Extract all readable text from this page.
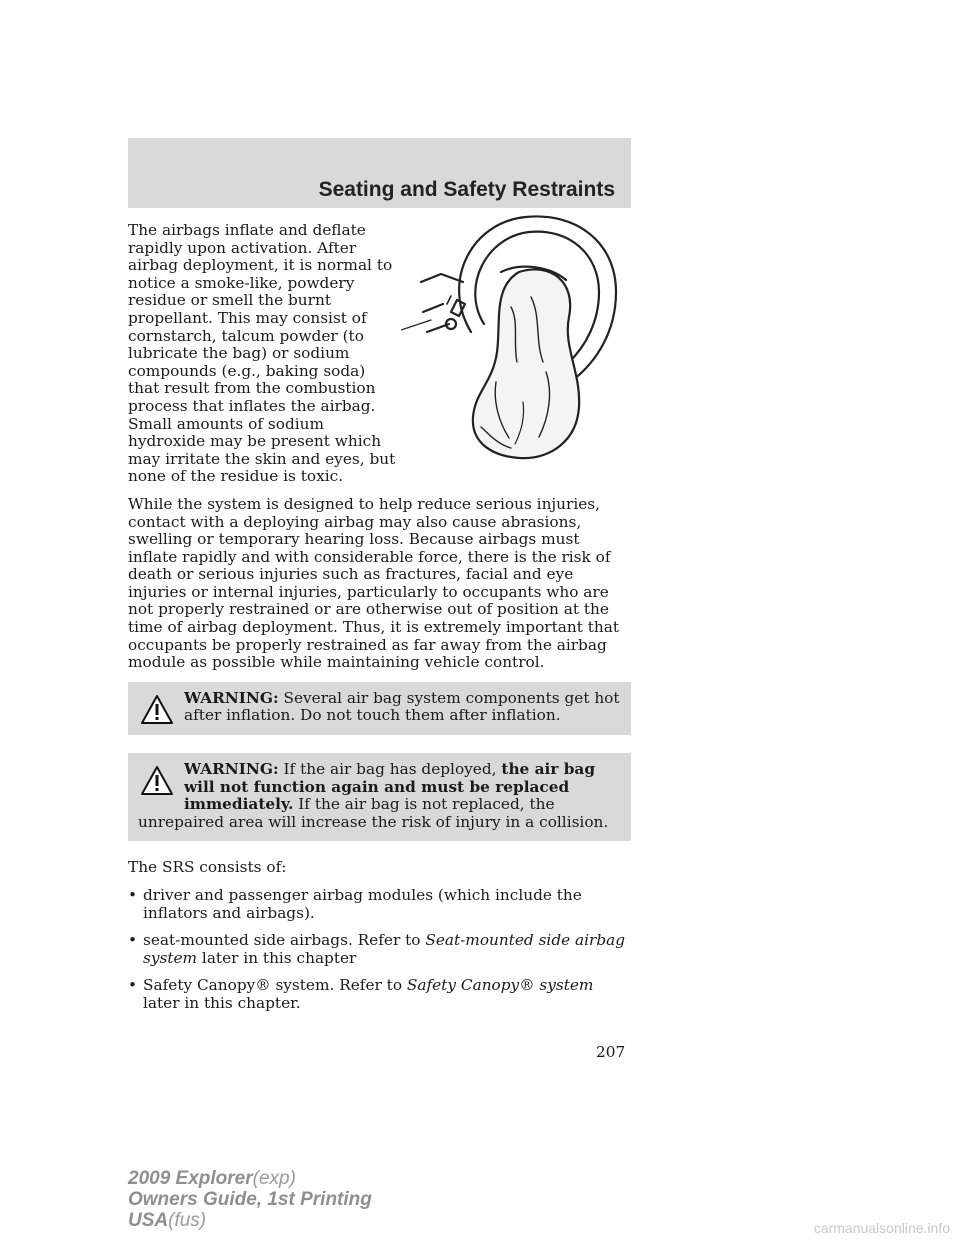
Seating and Safety Restraints

The airbags inflate and deflate rapidly upon activation. After airbag deployment, it is normal to notice a smoke-like, powdery residue or smell the burnt propellant. This may consist of cornstarch, talcum powder (to lubricate the bag) or sodium compounds (e.g., baking soda) that result from the combustion process that inflates the airbag. Small amounts of sodium hydroxide may be present which may irritate the skin and eyes, but none of the residue is toxic.

While the system is designed to help reduce serious injuries, contact with a deploying airbag may also cause abrasions, swelling or temporary hearing loss. Because airbags must inflate rapidly and with considerable force, there is the risk of death or serious injuries such as fractures, facial and eye injuries or internal injuries, particularly to occupants who are not properly restrained or are otherwise out of position at the time of airbag deployment. Thus, it is extremely important that occupants be properly restrained as far away from the airbag module as possible while maintaining vehicle control.

WARNING: Several air bag system components get hot after inflation. Do not touch them after inflation.
WARNING: If the air bag has deployed, the air bag will not function again and must be replaced immediately. If the air bag is not replaced, the unrepaired area will increase the risk of injury in a collision.

The SRS consists of:

• driver and passenger airbag modules (which include the inflators and airbags).
• seat-mounted side airbags. Refer to Seat-mounted side airbag system later in this chapter
• Safety Canopy® system. Refer to Safety Canopy® system later in this chapter.
207
2009 Explorer(exp)
Owners Guide, 1st Printing
USA(fus)	carmanualsonline.info
